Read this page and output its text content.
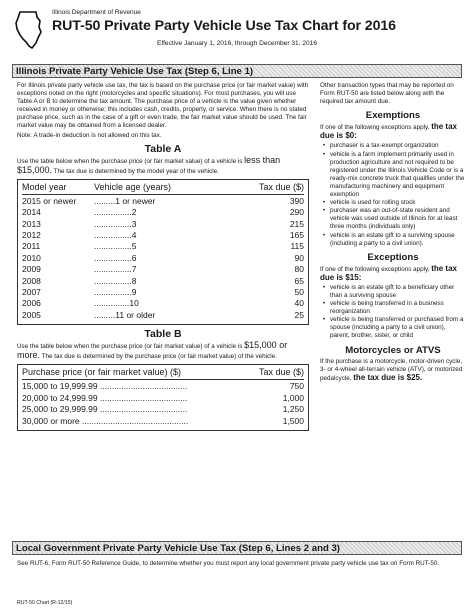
Illinois Department of Revenue
RUT-50 Private Party Vehicle Use Tax Chart for 2016
Effective January 1, 2016, through December 31, 2016
Illinois Private Party Vehicle Use Tax (Step 6, Line 1)

For Illinois private party vehicle use tax, the tax is based on the purchase price (or fair market value) with exceptions noted on the right (motorcycles and specific situations). For most purchases, you will use Table A or B to determine the tax amount. The purchase price of a vehicle is the value given whether received in money or otherwise; this includes cash, credits, property, or service. When there is no stated purchase price, such as in the case of a gift or even trade, the fair market value should be used. The fair market value may be obtained from a licensed dealer.

Note: A trade-in deduction is not allowed on this tax.

Table A

Use the table below when the purchase price (or fair market value) of a vehicle is less than $15,000. The tax due is determined by the model year of the vehicle.

Model year	Vehicle age (years)	Tax due ($)
2015 or newer	.........1 or newer	390
2014	................2	290
2013	................3	215
2012	................4	165
2011	................5	115
2010	................6	90
2009	................7	80
2008	................8	65
2007	................9	50
2006	...............10	40
2005	.........11 or older	25
Table B

Use the table below when the purchase price (or fair market value) of a vehicle is $15,000 or more. The tax due is determined by the purchase price (or fair market value) of the vehicle.

Purchase price (or fair market value) ($)	Tax due ($)
15,000 to 19,999.99 .....................................	750
20,000 to 24,999.99 .....................................	1,000
25,000 to 29,999.99 .....................................	1,250
30,000 or more .............................................	1,500

Other transaction types that may be reported on Form RUT-50 are listed below along with the required tax amount due.

Exemptions

If one of the following exceptions apply, the tax due is $0:

• purchaser is a tax-exempt organization
• vehicle is a farm implement primarily used in production agriculture and not required to be registered under the Illinois Vehicle Code or is a ready-mix concrete truck that qualifies under the manufacturing machinery and equipment exemption
• vehicle is used for rolling stock
• purchaser was an out-of-state resident and vehicle was used outside of Illinois for at least three months (individuals only)
• vehicle is an estate gift to a surviving spouse (including a party to a civil union).
Exceptions

If one of the following exceptions apply, the tax due is $15:

• vehicle is an estate gift to a beneficiary other than a surviving spouse
• vehicle is being transferred in a business reorganization
• vehicle is being transferred or purchased from a spouse (including a party to a civil union), parent, brother, sister, or child
Motorcycles or ATVS

If the purchase is a motorcycle, motor-driven cycle, 3- or 4-wheel all-terrain vehicle (ATV), or motorized pedalcycle, the tax due is $25.

Local Government Private Party Vehicle Use Tax (Step 6, Lines 2 and 3)

See RUT-6, Form RUT-50 Reference Guide, to determine whether you must report any local government private party vehicle use tax on Form RUT-50.

RUT-50 Chart (R-12/15)
